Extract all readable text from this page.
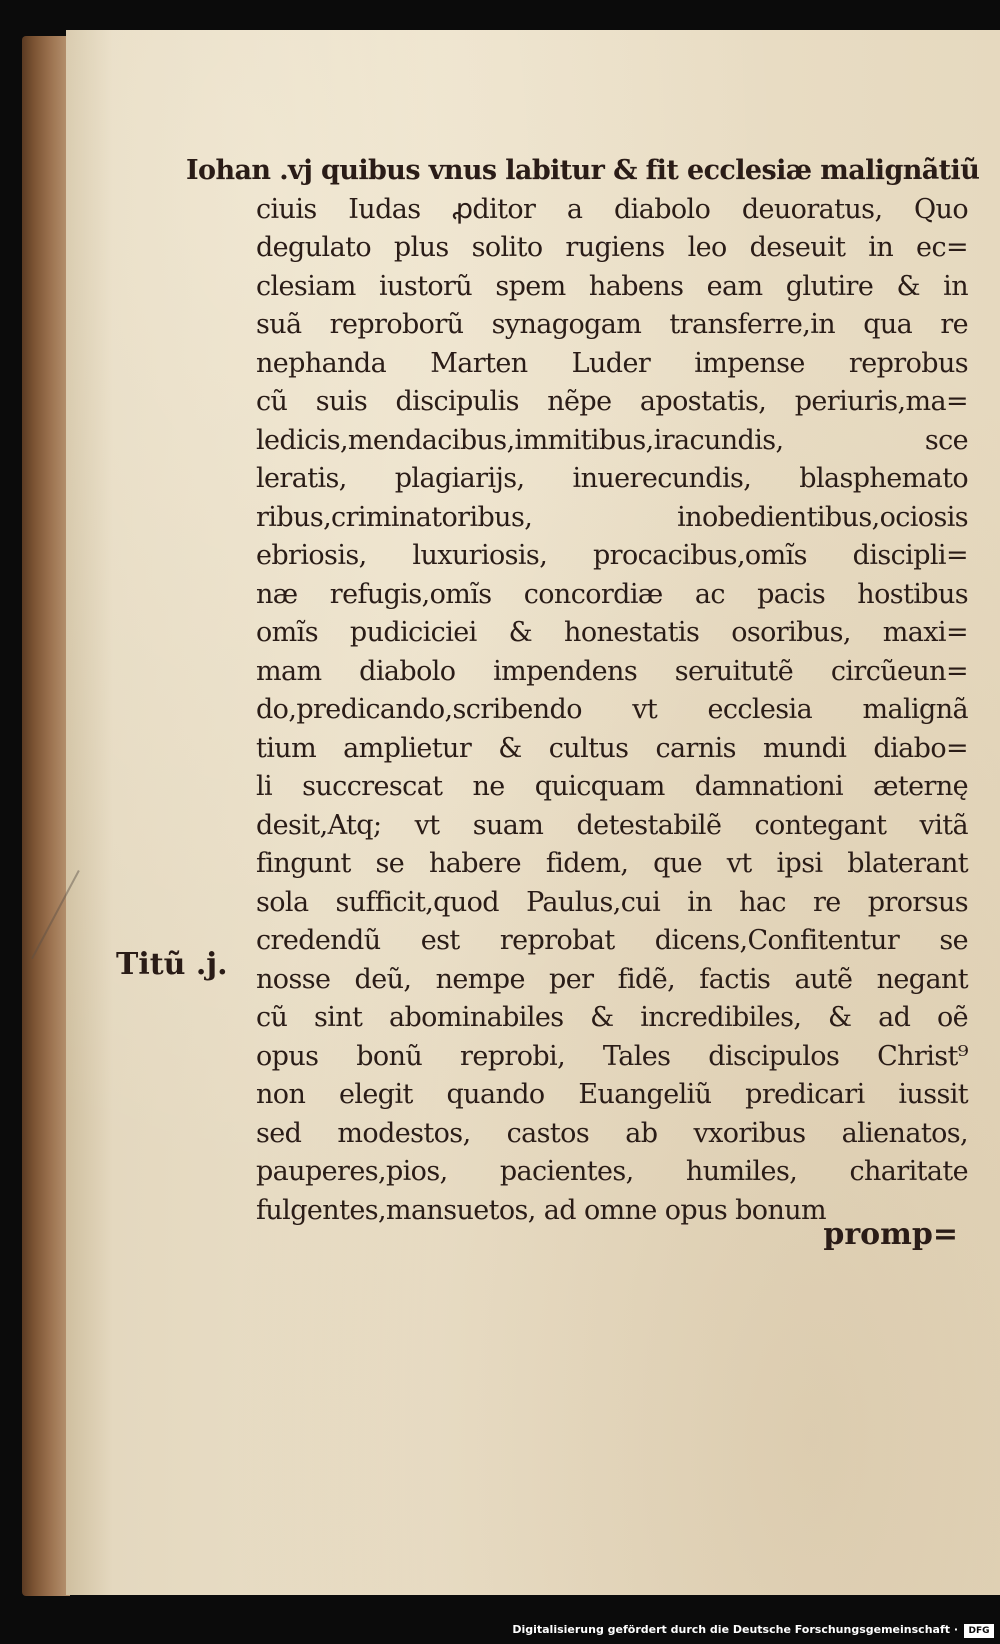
Titũ .j.
Iohan .vj quibus vnus labitur & fit ecclesiæ malignãtiũ
ciuis Iudas ꝓditor a diabolo deuoratus, Quo
degulato plus solito rugiens leo deseuit in ec=
clesiam iustorũ spem habens eam glutire & in
suã reproborũ synagogam transferre,in qua re
nephanda Marten Luder impense reprobus
cũ suis discipulis nẽpe apostatis, periuris,ma=
ledicis,mendacibus,immitibus,iracundis, sce
leratis, plagiarijs, inuerecundis, blasphemato
ribus,criminatoribus, inobedientibus,ociosis
ebriosis, luxuriosis, procacibus,omĩs discipli=
næ refugis,omĩs concordiæ ac pacis hostibus
omĩs pudiciciei & honestatis osoribus, maxi=
mam diabolo impendens seruitutẽ circũeun=
do,predicando,scribendo vt ecclesia malignã
tium amplietur & cultus carnis mundi diabo=
li succrescat ne quicquam damnationi æternę
desit,Atq; vt suam detestabilẽ contegant vitã
fingunt se habere fidem, que vt ipsi blaterant
sola sufficit,quod Paulus,cui in hac re prorsus
credendũ est reprobat dicens,Confitentur se
nosse deũ, nempe per fidẽ, factis autẽ negant
cũ sint abominabiles & incredibiles, & ad oẽ
opus bonũ reprobi, Tales discipulos Christ⁹
non elegit quando Euangeliũ predicari iussit
sed modestos, castos ab vxoribus alienatos,
pauperes,pios, pacientes, humiles, charitate
fulgentes,mansuetos, ad omne opus bonum
promp=
Digitalisierung gefördert durch die Deutsche Forschungsgemeinschaft ·	DFG
